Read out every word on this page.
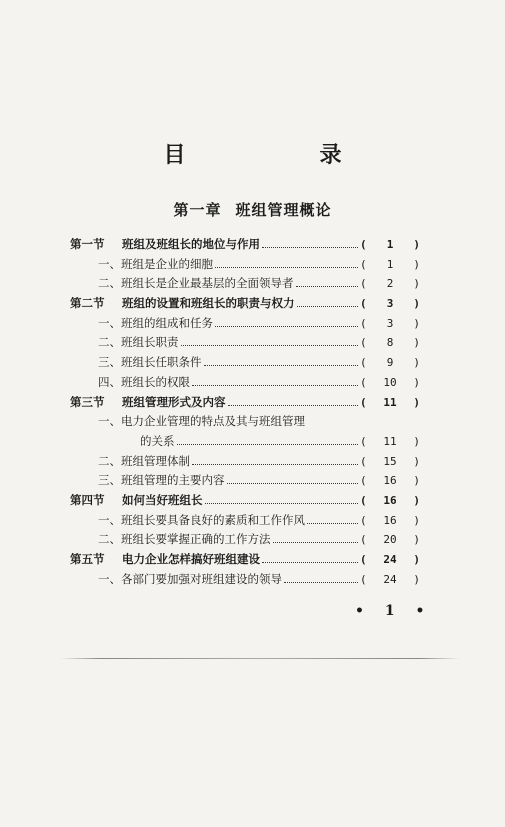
目　　录
第一章 班组管理概论
第一节 班组及班组长的地位与作用	( 1 )
一、班组是企业的细胞	( 1 )
二、班组长是企业最基层的全面领导者	( 2 )
第二节 班组的设置和班组长的职责与权力	( 3 )
一、班组的组成和任务	( 3 )
二、班组长职责	( 8 )
三、班组长任职条件	( 9 )
四、班组长的权限	( 10 )
第三节 班组管理形式及内容	( 11 )
一、电力企业管理的特点及其与班组管理
的关系	( 11 )
二、班组管理体制	( 15 )
三、班组管理的主要内容	( 16 )
第四节 如何当好班组长	( 16 )
一、班组长要具备良好的素质和工作作风	( 16 )
二、班组长要掌握正确的工作方法	( 20 )
第五节 电力企业怎样搞好班组建设	( 24 )
一、各部门要加强对班组建设的领导	( 24 )
• 1 •
